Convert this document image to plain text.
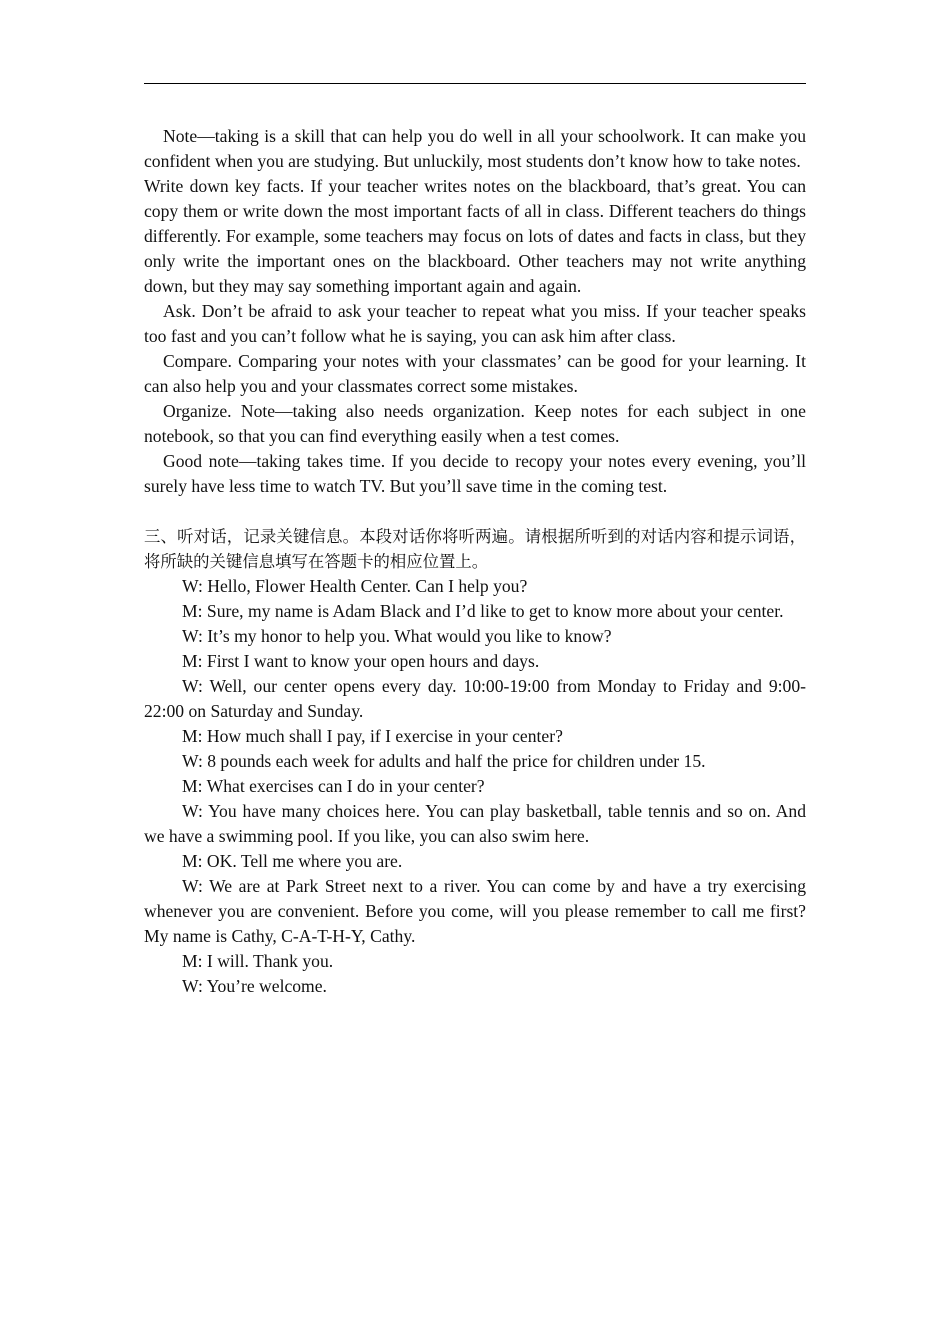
Note—taking is a skill that can help you do well in all your schoolwork. It can make you confident when you are studying. But unluckily, most students don’t know how to take notes.

Write down key facts. If your teacher writes notes on the blackboard, that’s great. You can copy them or write down the most important facts of all in class. Different teachers do things differently. For example, some teachers may focus on lots of dates and facts in class, but they only write the important ones on the blackboard. Other teachers may not write anything down, but they may say something important again and again.

Ask. Don’t be afraid to ask your teacher to repeat what you miss. If your teacher speaks too fast and you can’t follow what he is saying, you can ask him after class.

Compare. Comparing your notes with your classmates’ can be good for your learning. It can also help you and your classmates correct some mistakes.

Organize. Note—taking also needs organization. Keep notes for each subject in one notebook, so that you can find everything easily when a test comes.

Good note—taking takes time. If you decide to recopy your notes every evening, you’ll surely have less time to watch TV. But you’ll save time in the coming test.

三、听对话，记录关键信息。本段对话你将听两遍。请根据所听到的对话内容和提示词语，将所缺的关键信息填写在答题卡的相应位置上。

W: Hello, Flower Health Center. Can I help you?

M: Sure, my name is Adam Black and I’d like to get to know more about your center.

W: It’s my honor to help you. What would you like to know?

M: First I want to know your open hours and days.

W: Well, our center opens every day. 10:00-19:00 from Monday to Friday and 9:00-22:00 on Saturday and Sunday.

M: How much shall I pay, if I exercise in your center?

W: 8 pounds each week for adults and half the price for children under 15.

M: What exercises can I do in your center?

W: You have many choices here. You can play basketball, table tennis and so on. And we have a swimming pool. If you like, you can also swim here.

M: OK. Tell me where you are.

W: We are at Park Street next to a river. You can come by and have a try exercising whenever you are convenient. Before you come, will you please remember to call me first? My name is Cathy, C-A-T-H-Y, Cathy.

M: I will. Thank you.

W: You’re welcome.
